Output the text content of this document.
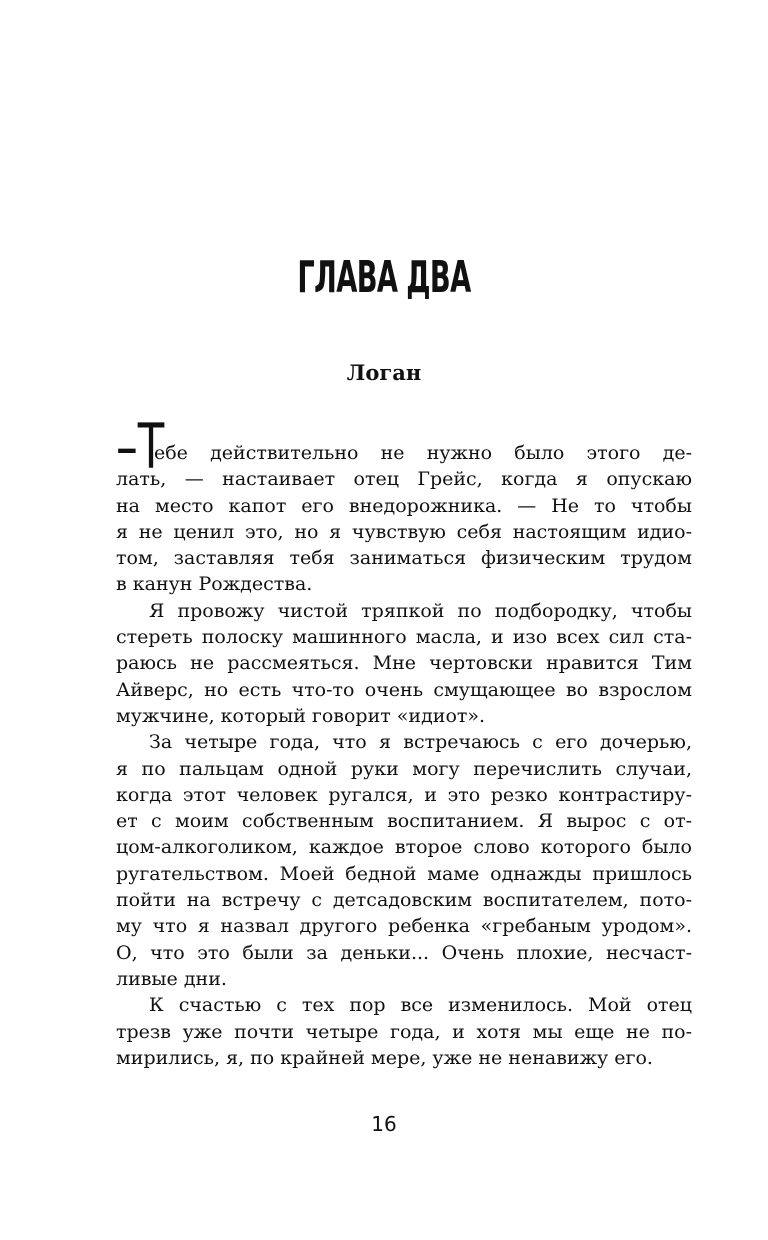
ГЛАВА ДВА
Логан
–Т
ебе действительно не нужно было этого де-
лать, — настаивает отец Грейс, когда я опускаю
на место капот его внедорожника. — Не то чтобы
я не ценил это, но я чувствую себя настоящим идио-
том, заставляя тебя заниматься физическим трудом
в канун Рождества.
Я провожу чистой тряпкой по подбородку, чтобы
стереть полоску машинного масла, и изо всех сил ста-
раюсь не рассмеяться. Мне чертовски нравится Тим
Айверс, но есть что-то очень смущающее во взрослом
мужчине, который говорит «идиот».
За четыре года, что я встречаюсь с его дочерью,
я по пальцам одной руки могу перечислить случаи,
когда этот человек ругался, и это резко контрастиру-
ет с моим собственным воспитанием. Я вырос с от-
цом-алкоголиком, каждое второе слово которого было
ругательством. Моей бедной маме однажды пришлось
пойти на встречу с детсадовским воспитателем, пото-
му что я назвал другого ребенка «гребаным уродом».
О, что это были за деньки... Очень плохие, несчаст-
ливые дни.
К счастью с тех пор все изменилось. Мой отец
трезв уже почти четыре года, и хотя мы еще не по-
мирились, я, по крайней мере, уже не ненавижу его.
16
